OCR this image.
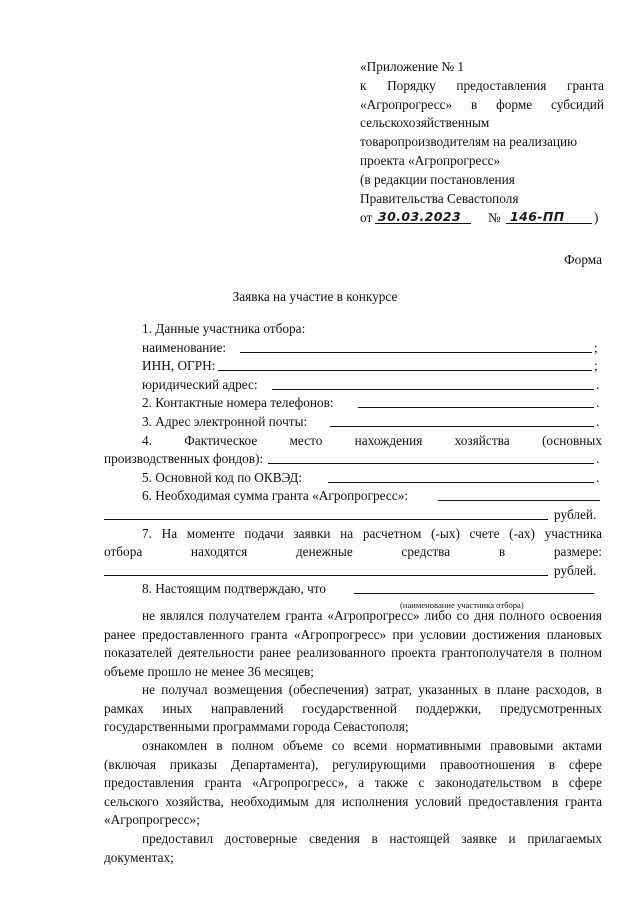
«Приложение № 1
к Порядку предоставления гранта
«Агропрогресс» в форме субсидий
сельскохозяйственным
товаропроизводителям на реализацию
проекта «Агропрогресс»
(в редакции постановления
Правительства Севастополя
от 30.03.2023 № 146-ПП )
Форма
Заявка на участие в конкурсе
1. Данные участника отбора:
наименование:	;
ИНН, ОГРН:	;
юридический адрес:	.
2. Контактные номера телефонов:	.
3. Адрес электронной почты:	.
4. Фактическое место нахождения хозяйства (основных
производственных фондов):	.
5. Основной код по ОКВЭД:	.
6. Необходимая сумма гранта «Агропрогресс»:
рублей.
7. На моменте подачи заявки на расчетном (-ых) счете (-ах) участника
отбора находятся денежные средства в размере:
рублей.
8. Настоящим подтверждаю, что
(наименование участника отбора)

не являлся получателем гранта «Агропрогресс» либо со дня полного освоения ранее предоставленного гранта «Агропрогресс» при условии достижения плановых показателей деятельности ранее реализованного проекта грантополучателя в полном объеме прошло не менее 36 месяцев;

не получал возмещения (обеспечения) затрат, указанных в плане расходов, в рамках иных направлений государственной поддержки, предусмотренных государственными программами города Севастополя;

ознакомлен в полном объеме со всеми нормативными правовыми актами (включая приказы Департамента), регулирующими правоотношения в сфере предоставления гранта «Агропрогресс», а также с законодательством в сфере сельского хозяйства, необходимым для исполнения условий предоставления гранта «Агропрогресс»;

предоставил достоверные сведения в настоящей заявке и прилагаемых документах;
